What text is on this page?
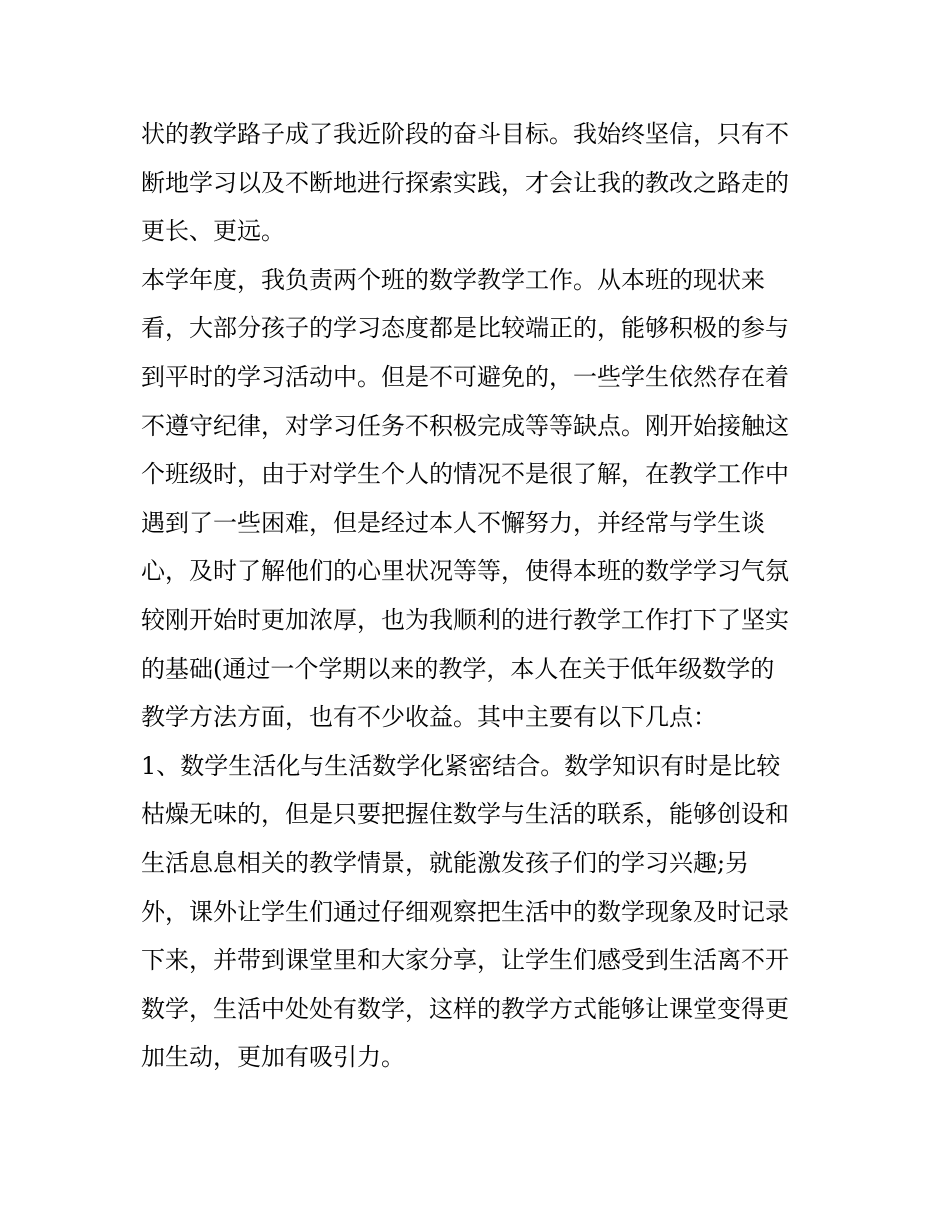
状的教学路子成了我近阶段的奋斗目标。我始终坚信，只有不
断地学习以及不断地进行探索实践，才会让我的教改之路走的
更长、更远。
本学年度，我负责两个班的数学教学工作。从本班的现状来
看，大部分孩子的学习态度都是比较端正的，能够积极的参与
到平时的学习活动中。但是不可避免的，一些学生依然存在着
不遵守纪律，对学习任务不积极完成等等缺点。刚开始接触这
个班级时，由于对学生个人的情况不是很了解，在教学工作中
遇到了一些困难，但是经过本人不懈努力，并经常与学生谈
心，及时了解他们的心里状况等等，使得本班的数学学习气氛
较刚开始时更加浓厚，也为我顺利的进行教学工作打下了坚实
的基础(通过一个学期以来的教学，本人在关于低年级数学的
教学方法方面，也有不少收益。其中主要有以下几点：
1、数学生活化与生活数学化紧密结合。数学知识有时是比较
枯燥无味的，但是只要把握住数学与生活的联系，能够创设和
生活息息相关的教学情景，就能激发孩子们的学习兴趣;另
外，课外让学生们通过仔细观察把生活中的数学现象及时记录
下来，并带到课堂里和大家分享，让学生们感受到生活离不开
数学，生活中处处有数学，这样的教学方式能够让课堂变得更
加生动，更加有吸引力。
